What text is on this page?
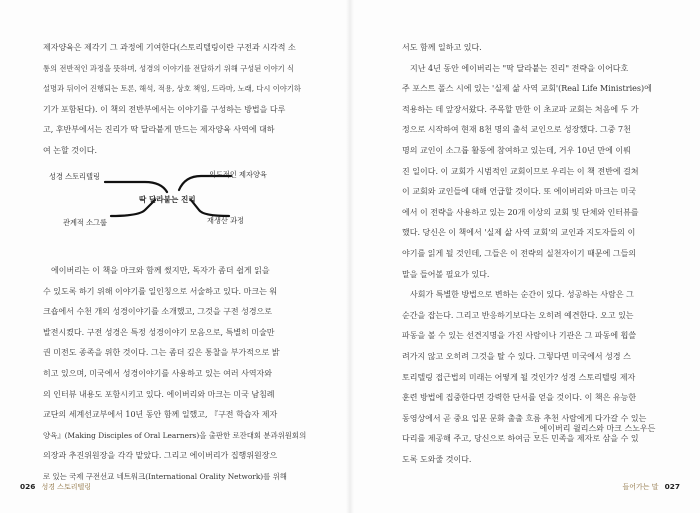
제자양육은 제각기 그 과정에 기여한다(스토리텔링이란 구전과 시각적 소

통의 전반적인 과정을 뜻하며, 성경의 이야기를 전달하기 위해 구성된 이야기 식

설명과 뒤이어 진행되는 토론, 해석, 적용, 상호 책임, 드라마, 노래, 다시 이야기하

기가 포함된다). 이 책의 전반부에서는 이야기를 구성하는 방법을 다루

고, 후반부에서는 진리가 딱 달라붙게 만드는 제자양육 사역에 대하

여 논할 것이다.

성경 스토리텔링	의도적인 제자양육
딱 달라붙는 진리
관계적 소그룹	재생산 과정

에이버리는 이 책을 마크와 함께 썼지만, 독자가 좀더 쉽게 읽을

수 있도록 하기 위해 이야기를 일인칭으로 서술하고 있다. 마크는 워

크숍에서 수천 개의 성경이야기를 소개했고, 그것을 구전 성경으로

발전시켰다. 구전 성경은 특정 성경이야기 모음으로, 특별히 미술만

권 미전도 종족을 위한 것이다. 그는 좀더 깊은 통찰을 부가적으로 밝

히고 있으며, 미국에서 성경이야기를 사용하고 있는 여러 사역자와

의 인터뷰 내용도 포함시키고 있다. 에이버리와 마크는 미국 남침례

교단의 세계선교부에서 10년 동안 함께 일했고, 『구전 학습자 제자

양육』(Making Disciples of Oral Learners)을 출판한 로잔대회 분과위원회의

의장과 추진위원장을 각각 맡았다. 그리고 에이버리가 집행위원장으

로 있는 국제 구전선교 네트워크(International Orality Network)를 위해

026 성경 스토리텔링	들어가는 말 027

서도 함께 일하고 있다.

지난 4년 동안 에이버리는 "딱 달라붙는 진리" 전략을 이어다호

주 포스트 폴스 시에 있는 '실제 삶 사역 교회'(Real Life Ministries)에

적용하는 데 앞장서왔다. 주목할 만한 이 초교파 교회는 처음에 두 가

정으로 시작하여 현재 8천 명의 출석 교인으로 성장했다. 그중 7천

명의 교인이 소그룹 활동에 참여하고 있는데, 거우 10년 만에 이뤄

진 일이다. 이 교회가 시범적인 교회이므로 우리는 이 책 전반에 걸쳐

이 교회와 교인들에 대해 언급할 것이다. 또 에이버리와 마크는 미국

에서 이 전략을 사용하고 있는 20개 이상의 교회 및 단체와 인터뷰를

했다. 당신은 이 책에서 '실제 삶 사역 교회'의 교인과 지도자들의 이

야기를 읽게 될 것인데, 그들은 이 전략의 실천자이기 때문에 그들의

말을 들어볼 필요가 있다.

사회가 특별한 방법으로 변하는 순간이 있다. 성공하는 사람은 그

순간을 잡는다. 그리고 반응하기보다는 오히려 예견한다. 오고 있는

파동을 볼 수 있는 선견지명을 가진 사람이나 기관은 그 파동에 휩쓸

려가지 않고 오히려 그것을 탈 수 있다. 그렇다면 미국에서 성경 스

토리텔링 접근법의 미래는 어떻게 될 것인가? 성경 스토리텔링 제자

훈련 방법에 집중한다면 강력한 단서를 얻을 것이다. 이 책은 유능한

동영상에서 곧 중요 입문 문화 출출 흐름 추천 사람에게 다가갈 수 있는

다리를 제공해 주고, 당신으로 하여금 모든 민족을 제자로 삼을 수 있

도록 도와줄 것이다.

_ 에이버리 윌리스와 마크 스노우든
